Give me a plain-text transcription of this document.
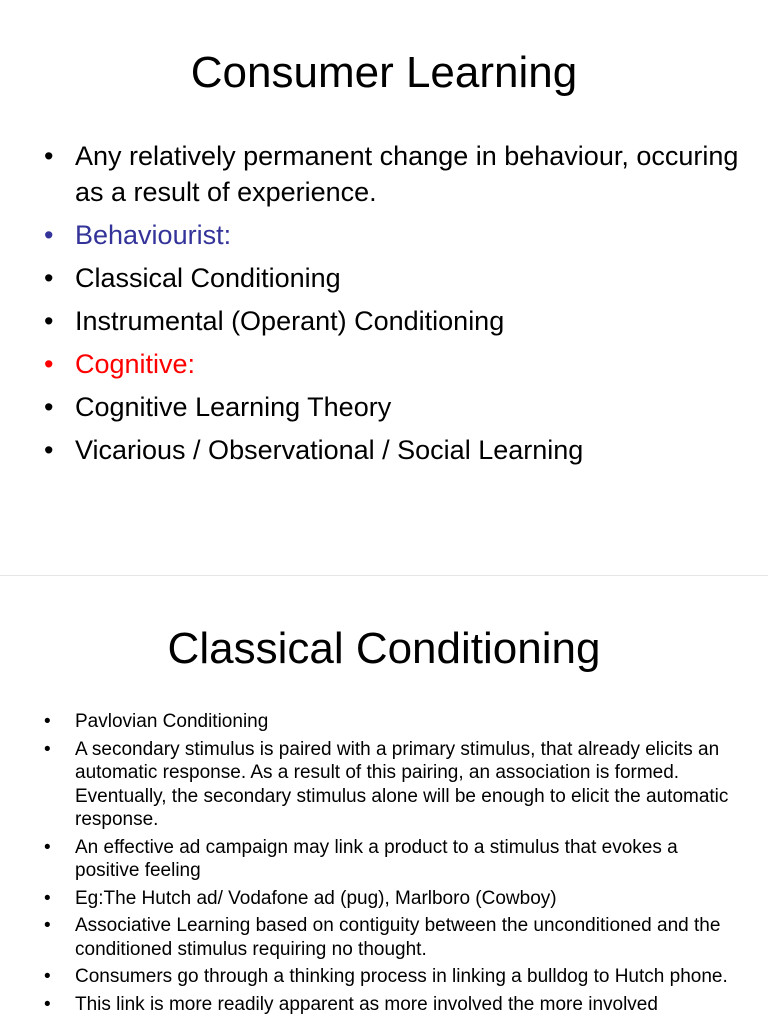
Consumer Learning
• Any relatively permanent change in behaviour, occuring as a result of experience.
• Behaviourist:
• Classical Conditioning
• Instrumental (Operant) Conditioning
• Cognitive:
• Cognitive Learning Theory
• Vicarious / Observational / Social Learning
Classical Conditioning
• Pavlovian Conditioning
• A secondary stimulus is paired with a primary stimulus, that already elicits an automatic response. As a result of this pairing, an association is formed. Eventually, the secondary stimulus alone will be enough to elicit the automatic response.
• An effective ad campaign may link a product to a stimulus that evokes a positive feeling
• Eg:The Hutch ad/ Vodafone ad (pug), Marlboro (Cowboy)
• Associative Learning based on contiguity between the unconditioned and the conditioned stimulus requiring no thought.
• Consumers go through a thinking process in linking a bulldog to Hutch phone.
• This link is more readily apparent as more involved the more involved
